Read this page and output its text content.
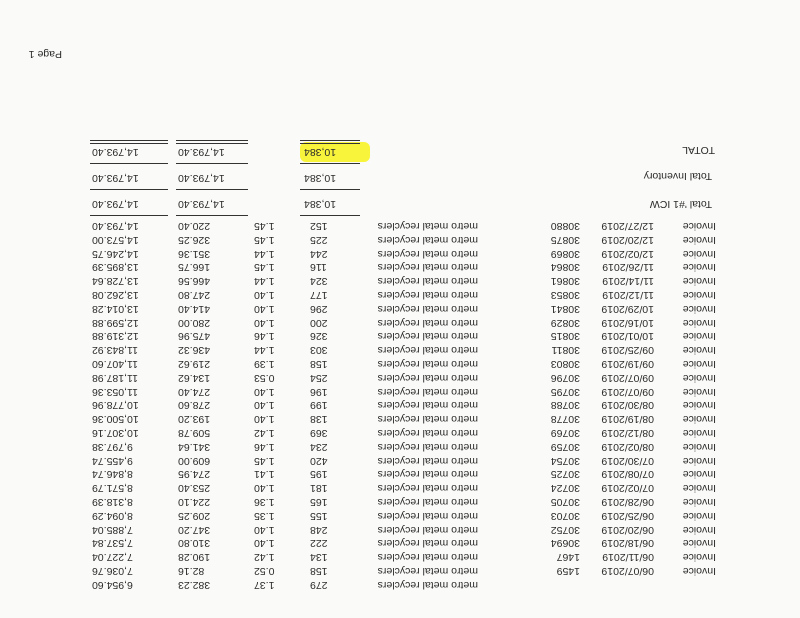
Page 1
TOTAL
Total Inventory
Total '#1 ICW
10,384
14,793.40
14,793.40
10,384
14,793.40
14,793.40
10,384
14,793.40
14,793.40
Invoice
12/27/2019
30880
metro metal recyclers
152
1.45
220.40
14,793.40
Invoice
12/20/2019
30875
metro metal recyclers
225
1.45
326.25
14,573.00
Invoice
12/02/2019
30869
metro metal recyclers
244
1.44
351.36
14,246.75
Invoice
11/26/2019
30864
metro metal recyclers
116
1.45
166.75
13,895.39
Invoice
11/14/2019
30861
metro metal recyclers
324
1.44
466.56
13,728.64
Invoice
11/12/2019
30853
metro metal recyclers
177
1.40
247.80
13,262.08
Invoice
10/29/2019
30841
metro metal recyclers
296
1.40
414.40
13,014.28
Invoice
10/16/2019
30829
metro metal recyclers
200
1.40
280.00
12,599.88
Invoice
10/01/2019
30815
metro metal recyclers
326
1.46
475.96
12,319.88
Invoice
09/25/2019
30811
metro metal recyclers
303
1.44
436.32
11,843.92
Invoice
09/19/2019
30803
metro metal recyclers
158
1.39
219.62
11,407.60
Invoice
09/07/2019
30796
metro metal recyclers
254
0.53
134.62
11,187.98
Invoice
09/07/2019
30795
metro metal recyclers
196
1.40
274.40
11,053.36
Invoice
08/30/2019
30788
metro metal recyclers
199
1.40
278.60
10,778.96
Invoice
08/19/2019
30778
metro metal recyclers
138
1.40
193.20
10,500.36
Invoice
08/12/2019
30769
metro metal recyclers
369
1.42
509.78
10,307.16
Invoice
08/02/2019
30759
metro metal recyclers
234
1.46
341.64
9,797.38
Invoice
07/30/2019
30754
metro metal recyclers
420
1.45
609.00
9,455.74
Invoice
07/08/2019
30725
metro metal recyclers
195
1.41
274.95
8,846.74
Invoice
07/02/2019
30724
metro metal recyclers
181
1.40
253.40
8,571.79
Invoice
06/28/2019
30705
metro metal recyclers
165
1.36
224.10
8,318.39
Invoice
06/25/2019
30703
metro metal recyclers
155
1.35
209.25
8,094.29
Invoice
06/20/2019
30752
metro metal recyclers
248
1.40
347.20
7,885.04
Invoice
06/18/2019
30694
metro metal recyclers
222
1.40
310.80
7,537.84
Invoice
06/11/2019
1467
metro metal recyclers
134
1.42
190.28
7,227.04
Invoice
06/07/2019
1459
metro metal recyclers
158
0.52
82.16
7,036.76
metro metal recyclers
279
1.37
382.23
6,954.60
